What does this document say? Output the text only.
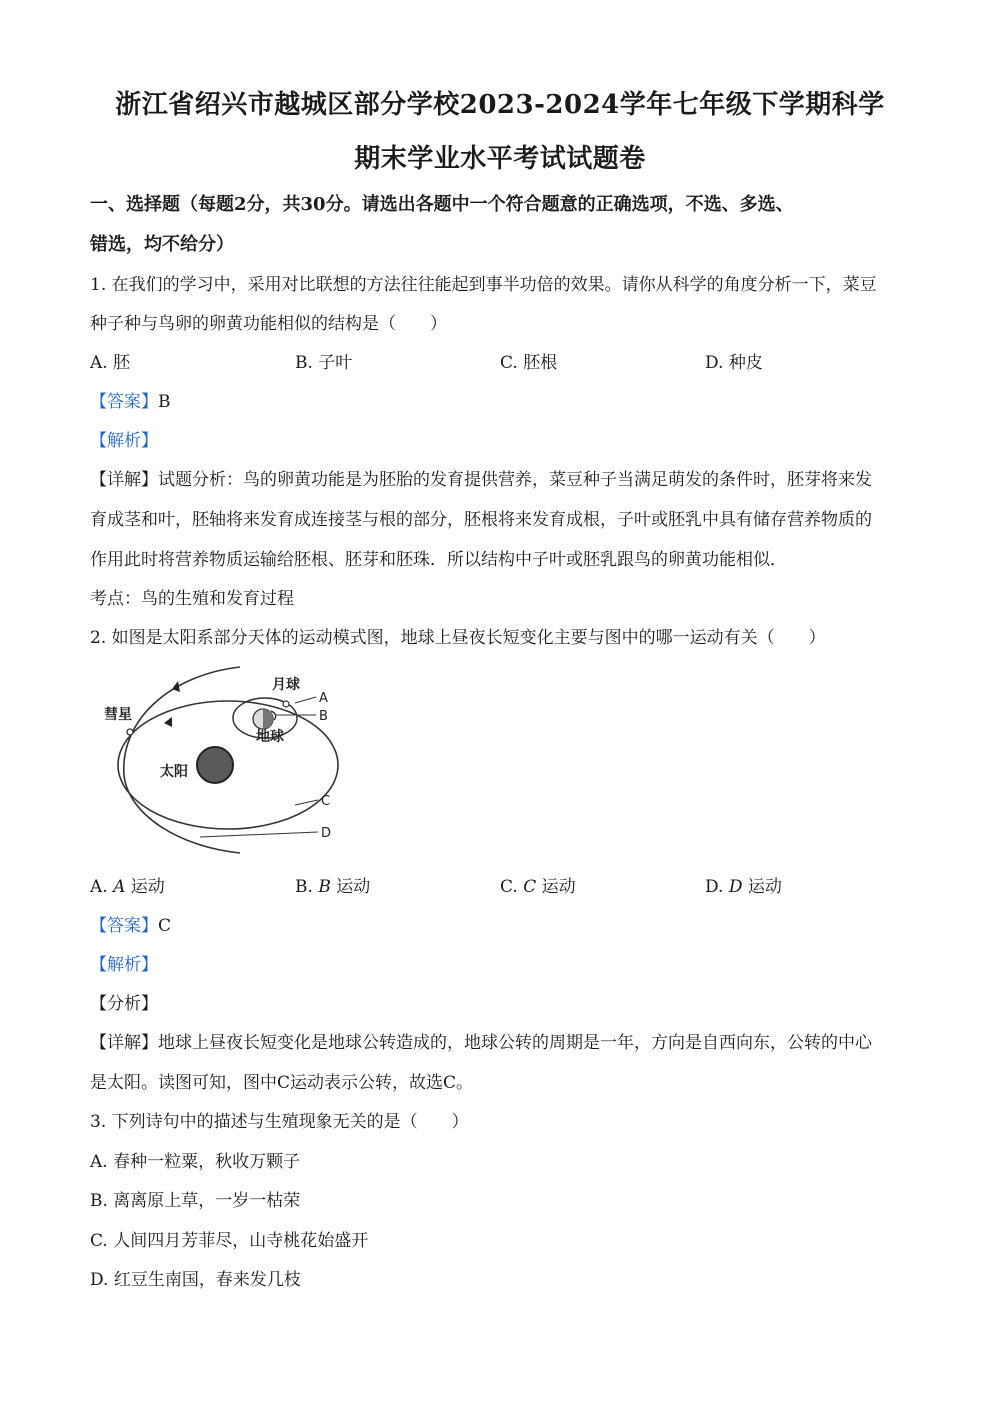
浙江省绍兴市越城区部分学校2023-2024学年七年级下学期科学
期末学业水平考试试题卷
一、选择题（每题2分，共30分。请选出各题中一个符合题意的正确选项，不选、多选、
错选，均不给分）
1. 在我们的学习中，采用对比联想的方法往往能起到事半功倍的效果。请你从科学的角度分析一下，菜豆
种子种与鸟卵的卵黄功能相似的结构是（　　）
A. 胚	B. 子叶	C. 胚根	D. 种皮
【答案】B
【解析】
【详解】试题分析：鸟的卵黄功能是为胚胎的发育提供营养，菜豆种子当满足萌发的条件时，胚芽将来发
育成茎和叶，胚轴将来发育成连接茎与根的部分，胚根将来发育成根，子叶或胚乳中具有储存营养物质的
作用此时将营养物质运输给胚根、胚芽和胚珠．所以结构中子叶或胚乳跟鸟的卵黄功能相似．
考点：鸟的生殖和发育过程
2. 如图是太阳系部分天体的运动模式图，地球上昼夜长短变化主要与图中的哪一运动有关（　　）
彗星
太阳
月球
地球
A
B
C
D
A. A 运动	B. B 运动	C. C 运动	D. D 运动
【答案】C
【解析】
【分析】
【详解】地球上昼夜长短变化是地球公转造成的，地球公转的周期是一年，方向是自西向东，公转的中心
是太阳。读图可知，图中C运动表示公转，故选C。
3. 下列诗句中的描述与生殖现象无关的是（　　）
A. 春种一粒粟，秋收万颗子
B. 离离原上草，一岁一枯荣
C. 人间四月芳菲尽，山寺桃花始盛开
D. 红豆生南国，春来发几枝
